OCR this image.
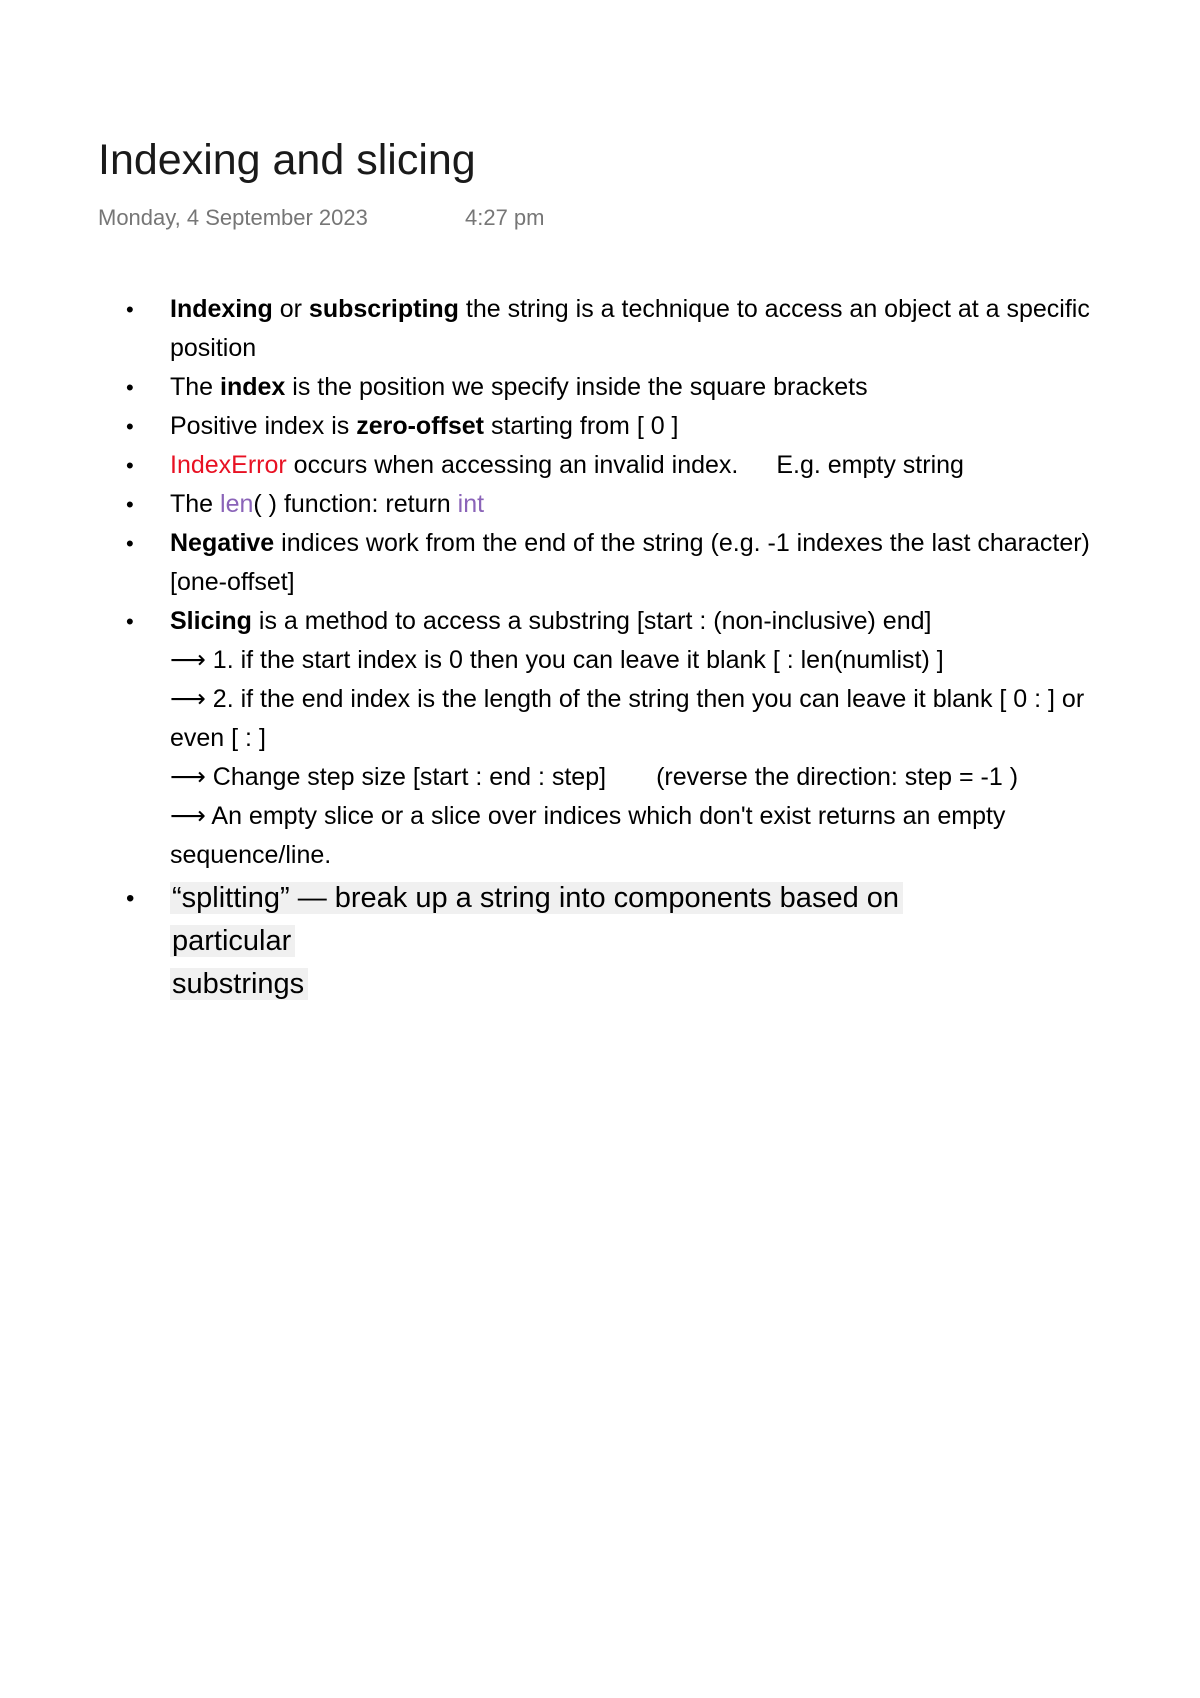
Indexing and slicing
Monday, 4 September 2023	4:27 pm
• Indexing or subscripting the string is a technique to access an object at a specific position
• The index is the position we specify inside the square brackets
• Positive index is zero-offset starting from [ 0 ]
• IndexError occurs when accessing an invalid index. E.g. empty string
• The len( ) function: return int
• Negative indices work from the end of the string (e.g. -1 indexes the last character) [one-offset]
• Slicing is a method to access a substring [start : (non-inclusive) end]
⟶ 1. if the start index is 0 then you can leave it blank [ : len(numlist) ]
⟶ 2. if the end index is the length of the string then you can leave it blank [ 0 : ] or even [ : ]
⟶ Change step size [start : end : step] (reverse the direction: step = -1 )
⟶ An empty slice or a slice over indices which don't exist returns an empty sequence/line.
• “splitting” — break up a string into components based on
particular
substrings
